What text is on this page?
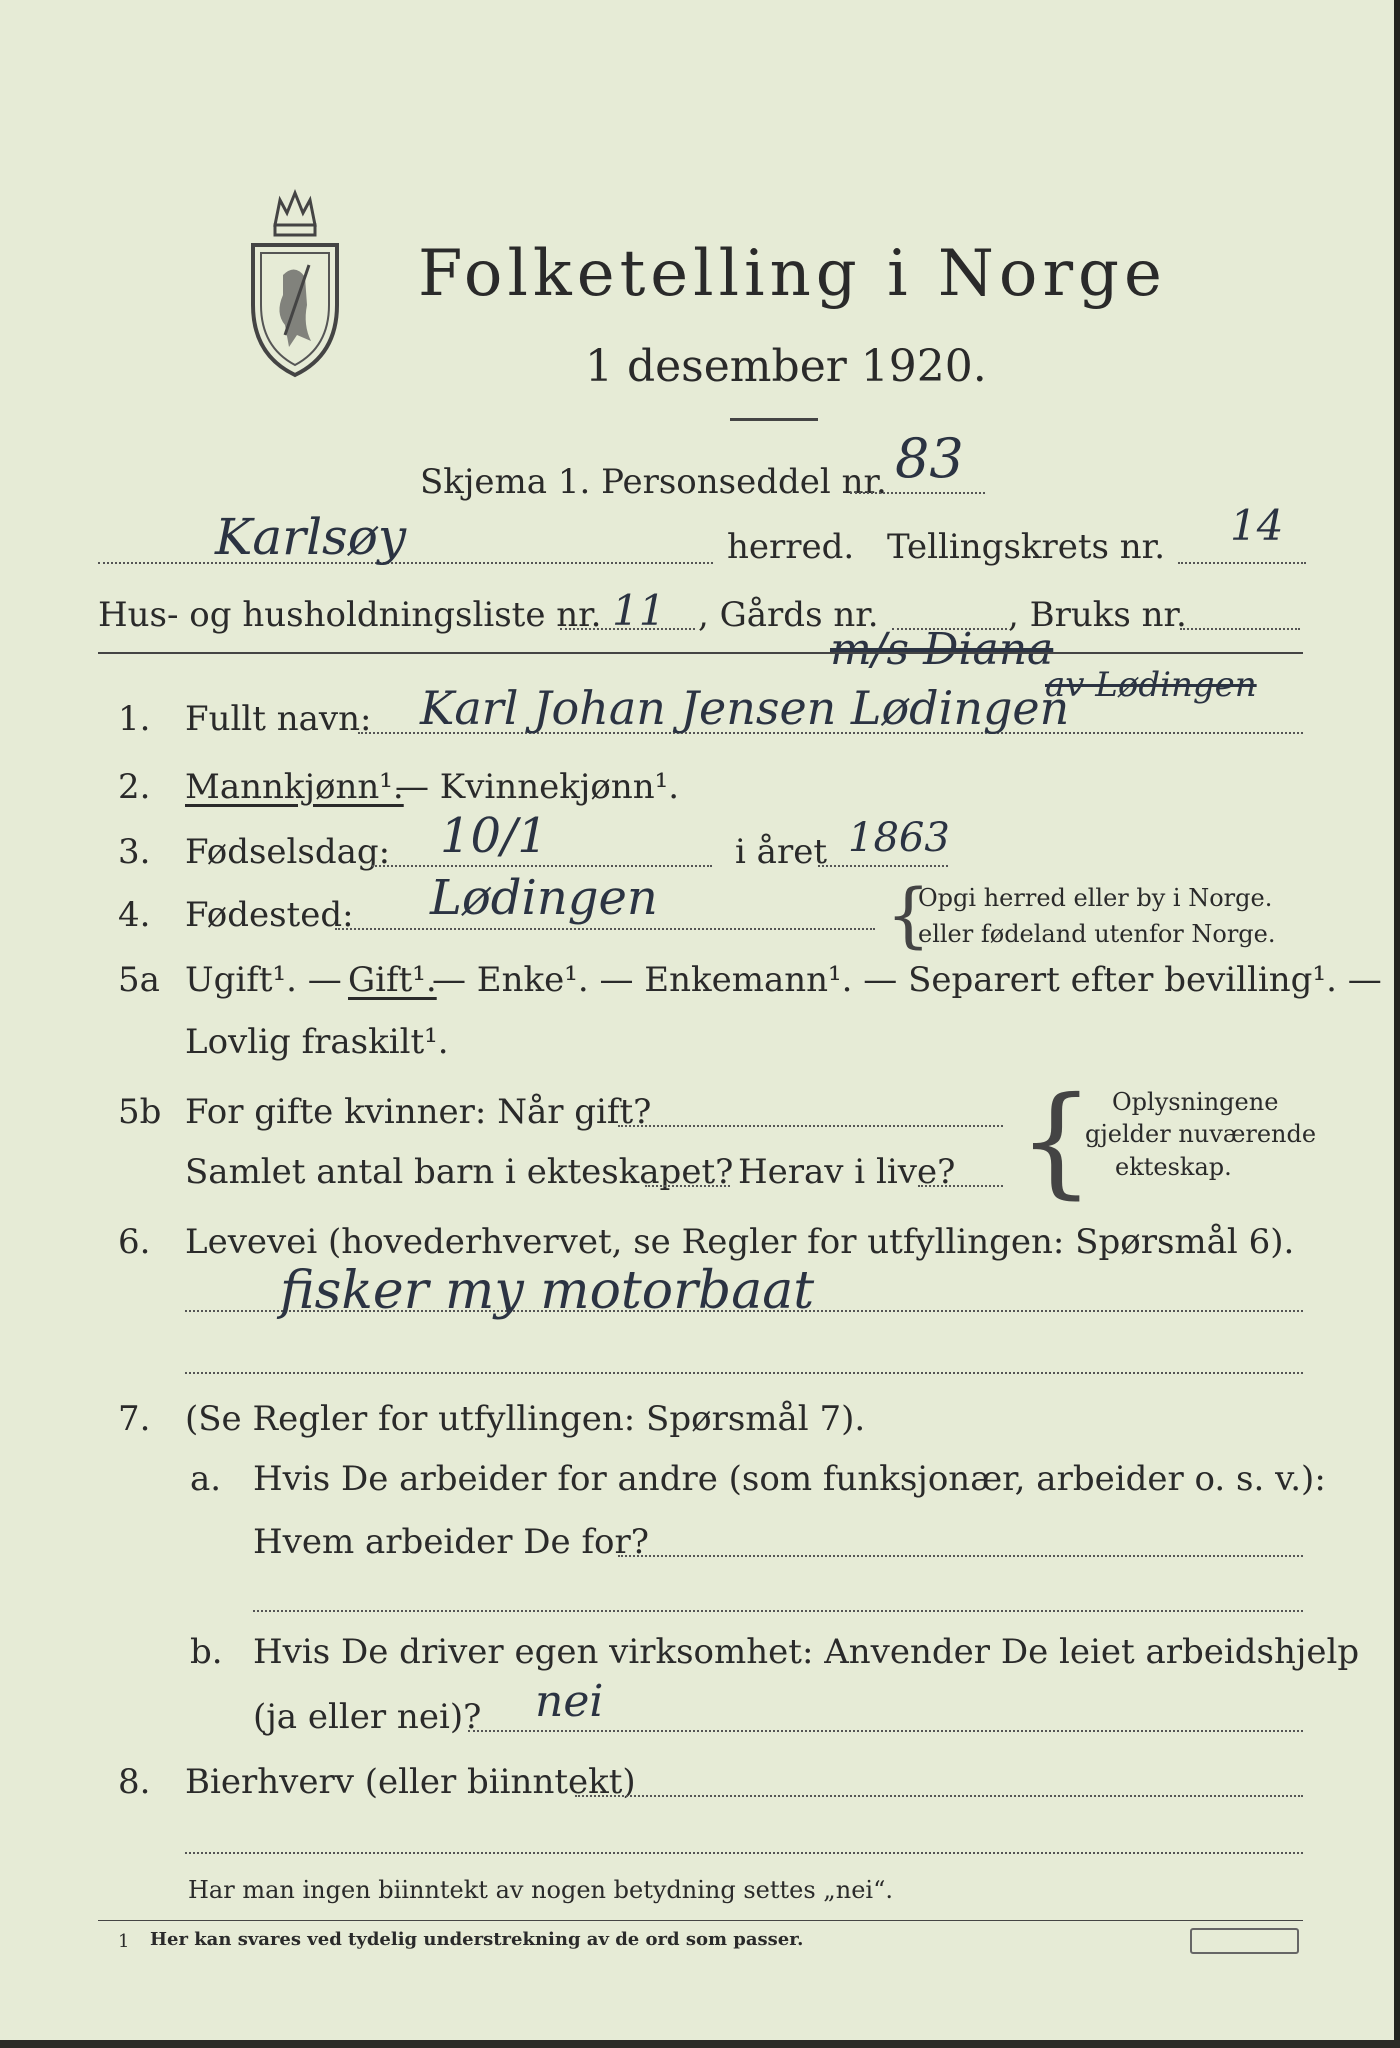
Folketelling i Norge
1 desember 1920.
Skjema 1. Personseddel nr. 83
Karlsøy	herred. Tellingskrets nr. 14
Hus- og husholdningsliste nr. 11 , Gårds nr.	, Bruks nr.
m/s Diana
1. Fullt navn: Karl Johan Jensen Lødingen
av Lødingen
2. Mannkjønn¹.
— Kvinnekjønn¹.
3. Fødselsdag: 10/1	i året 1863
4. Fødested: Lødingen	{
Opgi herred eller by i Norge.
eller fødeland utenfor Norge.
5a Ugift¹. — Gift¹.
— Enke¹. — Enkemann¹. — Separert efter bevilling¹. —
Lovlig fraskilt¹.
5b For gifte kvinner: Når gift?
Samlet antal barn i ekteskapet? Herav i live? { Oplysningene
gjelder nuværende
ekteskap.
6. Levevei (hovederhvervet, se Regler for utfyllingen: Spørsmål 6).
fisker my motorbaat
7. (Se Regler for utfyllingen: Spørsmål 7).
a. Hvis De arbeider for andre (som funksjonær, arbeider o. s. v.):
Hvem arbeider De for?
b. Hvis De driver egen virksomhet: Anvender De leiet arbeidshjelp
(ja eller nei)? nei
8. Bierhverv (eller biinntekt)
Har man ingen biinntekt av nogen betydning settes „nei“.
1 Her kan svares ved tydelig understrekning av de ord som passer.
